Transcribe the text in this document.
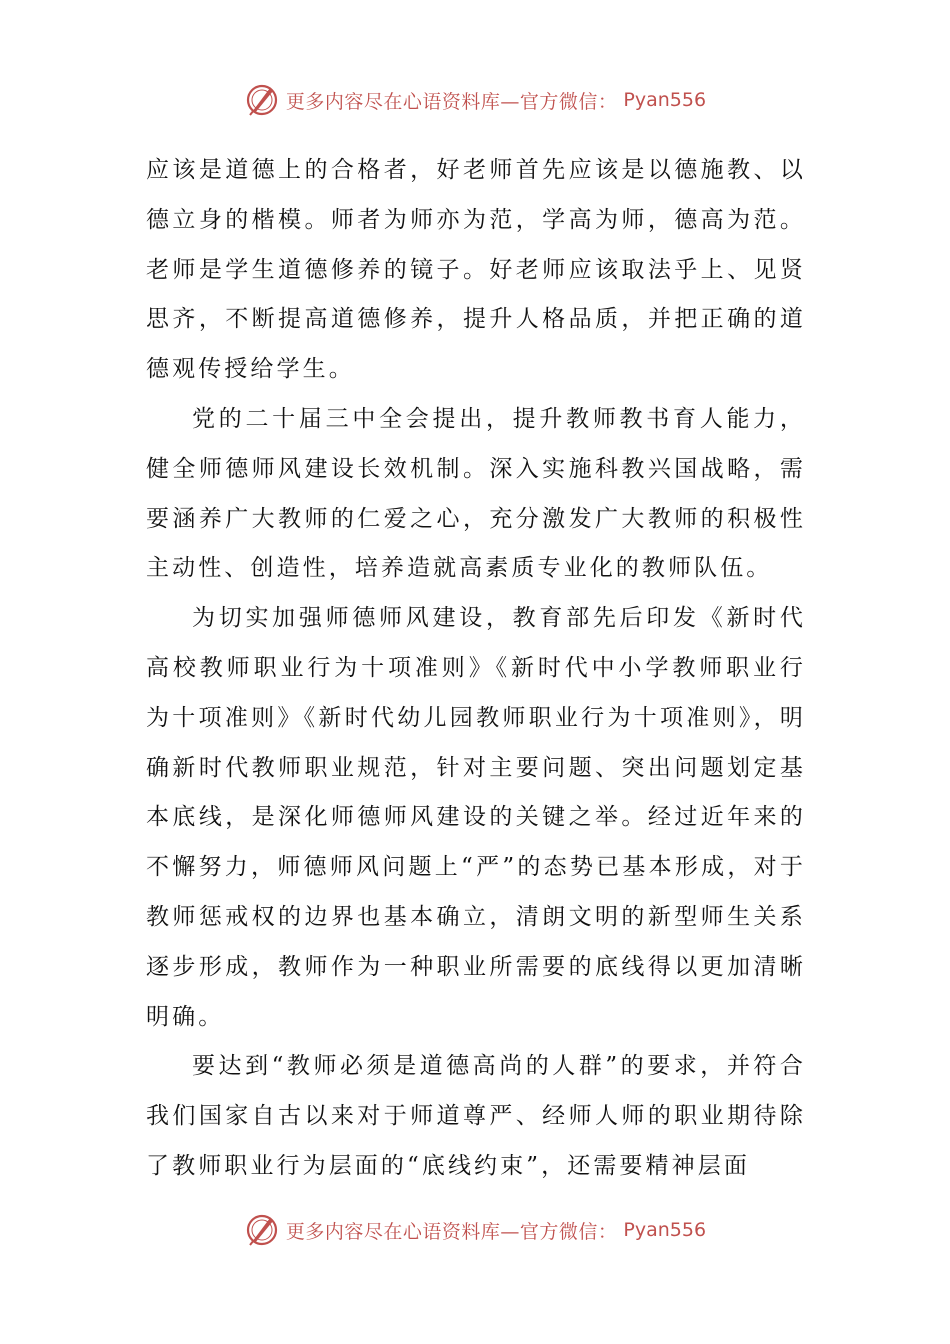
更多内容尽在心语资料库—官方微信： Pyan556

应该是道德上的合格者，好老师首先应该是以德施教、以德立身的楷模。师者为师亦为范，学高为师，德高为范。老师是学生道德修养的镜子。好老师应该取法乎上、见贤思齐，不断提高道德修养，提升人格品质，并把正确的道德观传授给学生。

党的二十届三中全会提出，提升教师教书育人能力，健全师德师风建设长效机制。深入实施科教兴国战略，需要涵养广大教师的仁爱之心，充分激发广大教师的积极性主动性、创造性，培养造就高素质专业化的教师队伍。

为切实加强师德师风建设，教育部先后印发《新时代高校教师职业行为十项准则》《新时代中小学教师职业行为十项准则》《新时代幼儿园教师职业行为十项准则》，明确新时代教师职业规范，针对主要问题、突出问题划定基本底线，是深化师德师风建设的关键之举。经过近年来的不懈努力，师德师风问题上“严”的态势已基本形成，对于教师惩戒权的边界也基本确立，清朗文明的新型师生关系逐步形成，教师作为一种职业所需要的底线得以更加清晰明确。

要达到“教师必须是道德高尚的人群”的要求，并符合我们国家自古以来对于师道尊严、经师人师的职业期待除了教师职业行为层面的“底线约束”，还需要精神层面

更多内容尽在心语资料库—官方微信： Pyan556
